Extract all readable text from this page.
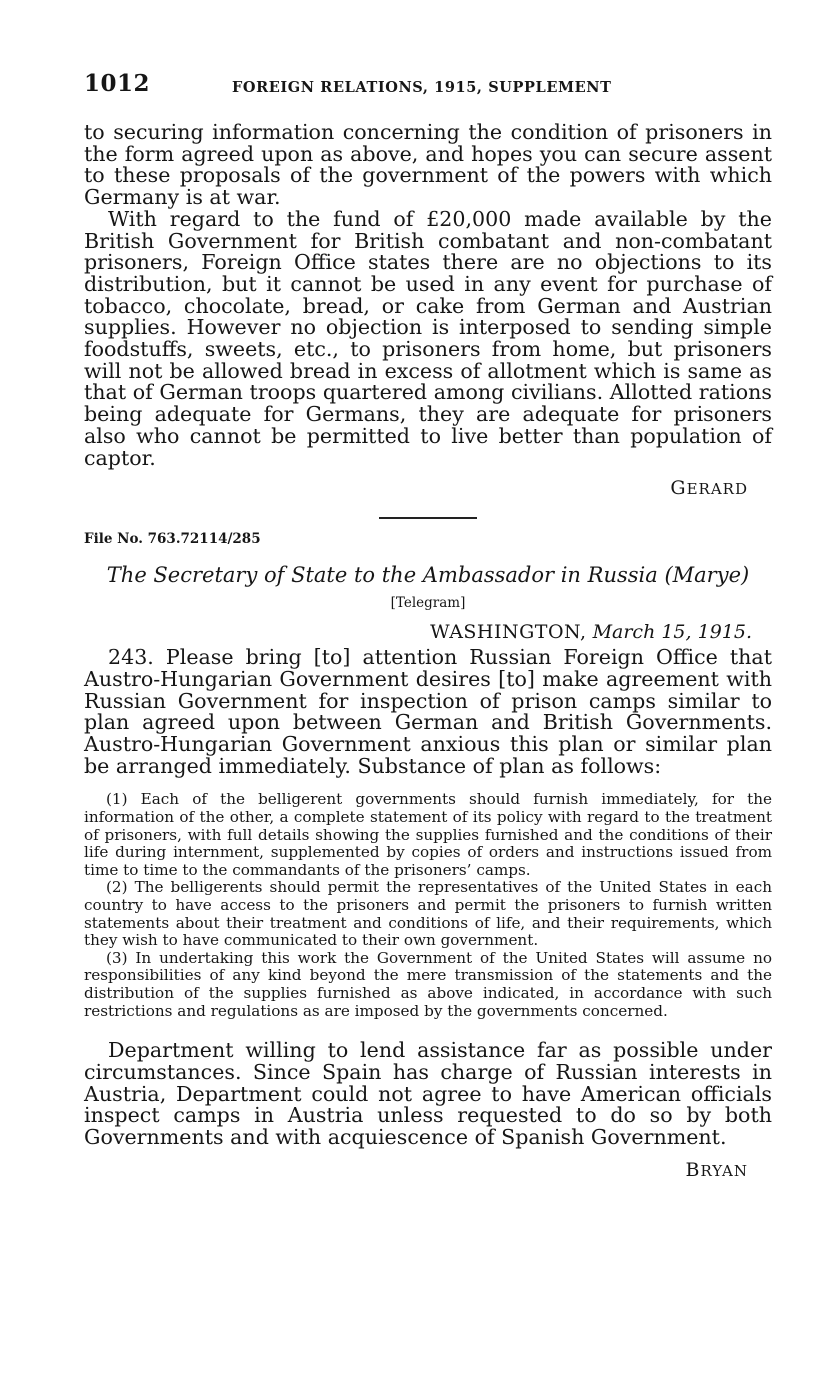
1012	FOREIGN RELATIONS, 1915, SUPPLEMENT

to securing information concerning the condition of prisoners in the form agreed upon as above, and hopes you can secure assent to these proposals of the government of the powers with which Germany is at war.

With regard to the fund of £20,000 made available by the British Government for British combatant and non-combatant prisoners, Foreign Office states there are no objections to its distribution, but it cannot be used in any event for purchase of tobacco, chocolate, bread, or cake from German and Austrian supplies. However no objection is interposed to sending simple foodstuffs, sweets, etc., to prisoners from home, but prisoners will not be allowed bread in excess of allotment which is same as that of German troops quartered among civilians. Allotted rations being adequate for Germans, they are adequate for prisoners also who cannot be permitted to live better than population of captor.

GERARD

File No. 763.72114/285

The Secretary of State to the Ambassador in Russia (Marye)

[Telegram]

WASHINGTON, March 15, 1915.

243. Please bring [to] attention Russian Foreign Office that Austro-Hungarian Government desires [to] make agreement with Russian Government for inspection of prison camps similar to plan agreed upon between German and British Governments. Austro-Hungarian Government anxious this plan or similar plan be arranged immediately. Substance of plan as follows:

(1) Each of the belligerent governments should furnish immediately, for the information of the other, a complete statement of its policy with regard to the treatment of prisoners, with full details showing the supplies furnished and the conditions of their life during internment, supplemented by copies of orders and instructions issued from time to time to the commandants of the prisoners’ camps.

(2) The belligerents should permit the representatives of the United States in each country to have access to the prisoners and permit the prisoners to furnish written statements about their treatment and conditions of life, and their requirements, which they wish to have communicated to their own government.

(3) In undertaking this work the Government of the United States will assume no responsibilities of any kind beyond the mere transmission of the statements and the distribution of the supplies furnished as above indicated, in accordance with such restrictions and regulations as are imposed by the governments concerned.

Department willing to lend assistance far as possible under circumstances. Since Spain has charge of Russian interests in Austria, Department could not agree to have American officials inspect camps in Austria unless requested to do so by both Governments and with acquiescence of Spanish Government.

BRYAN
